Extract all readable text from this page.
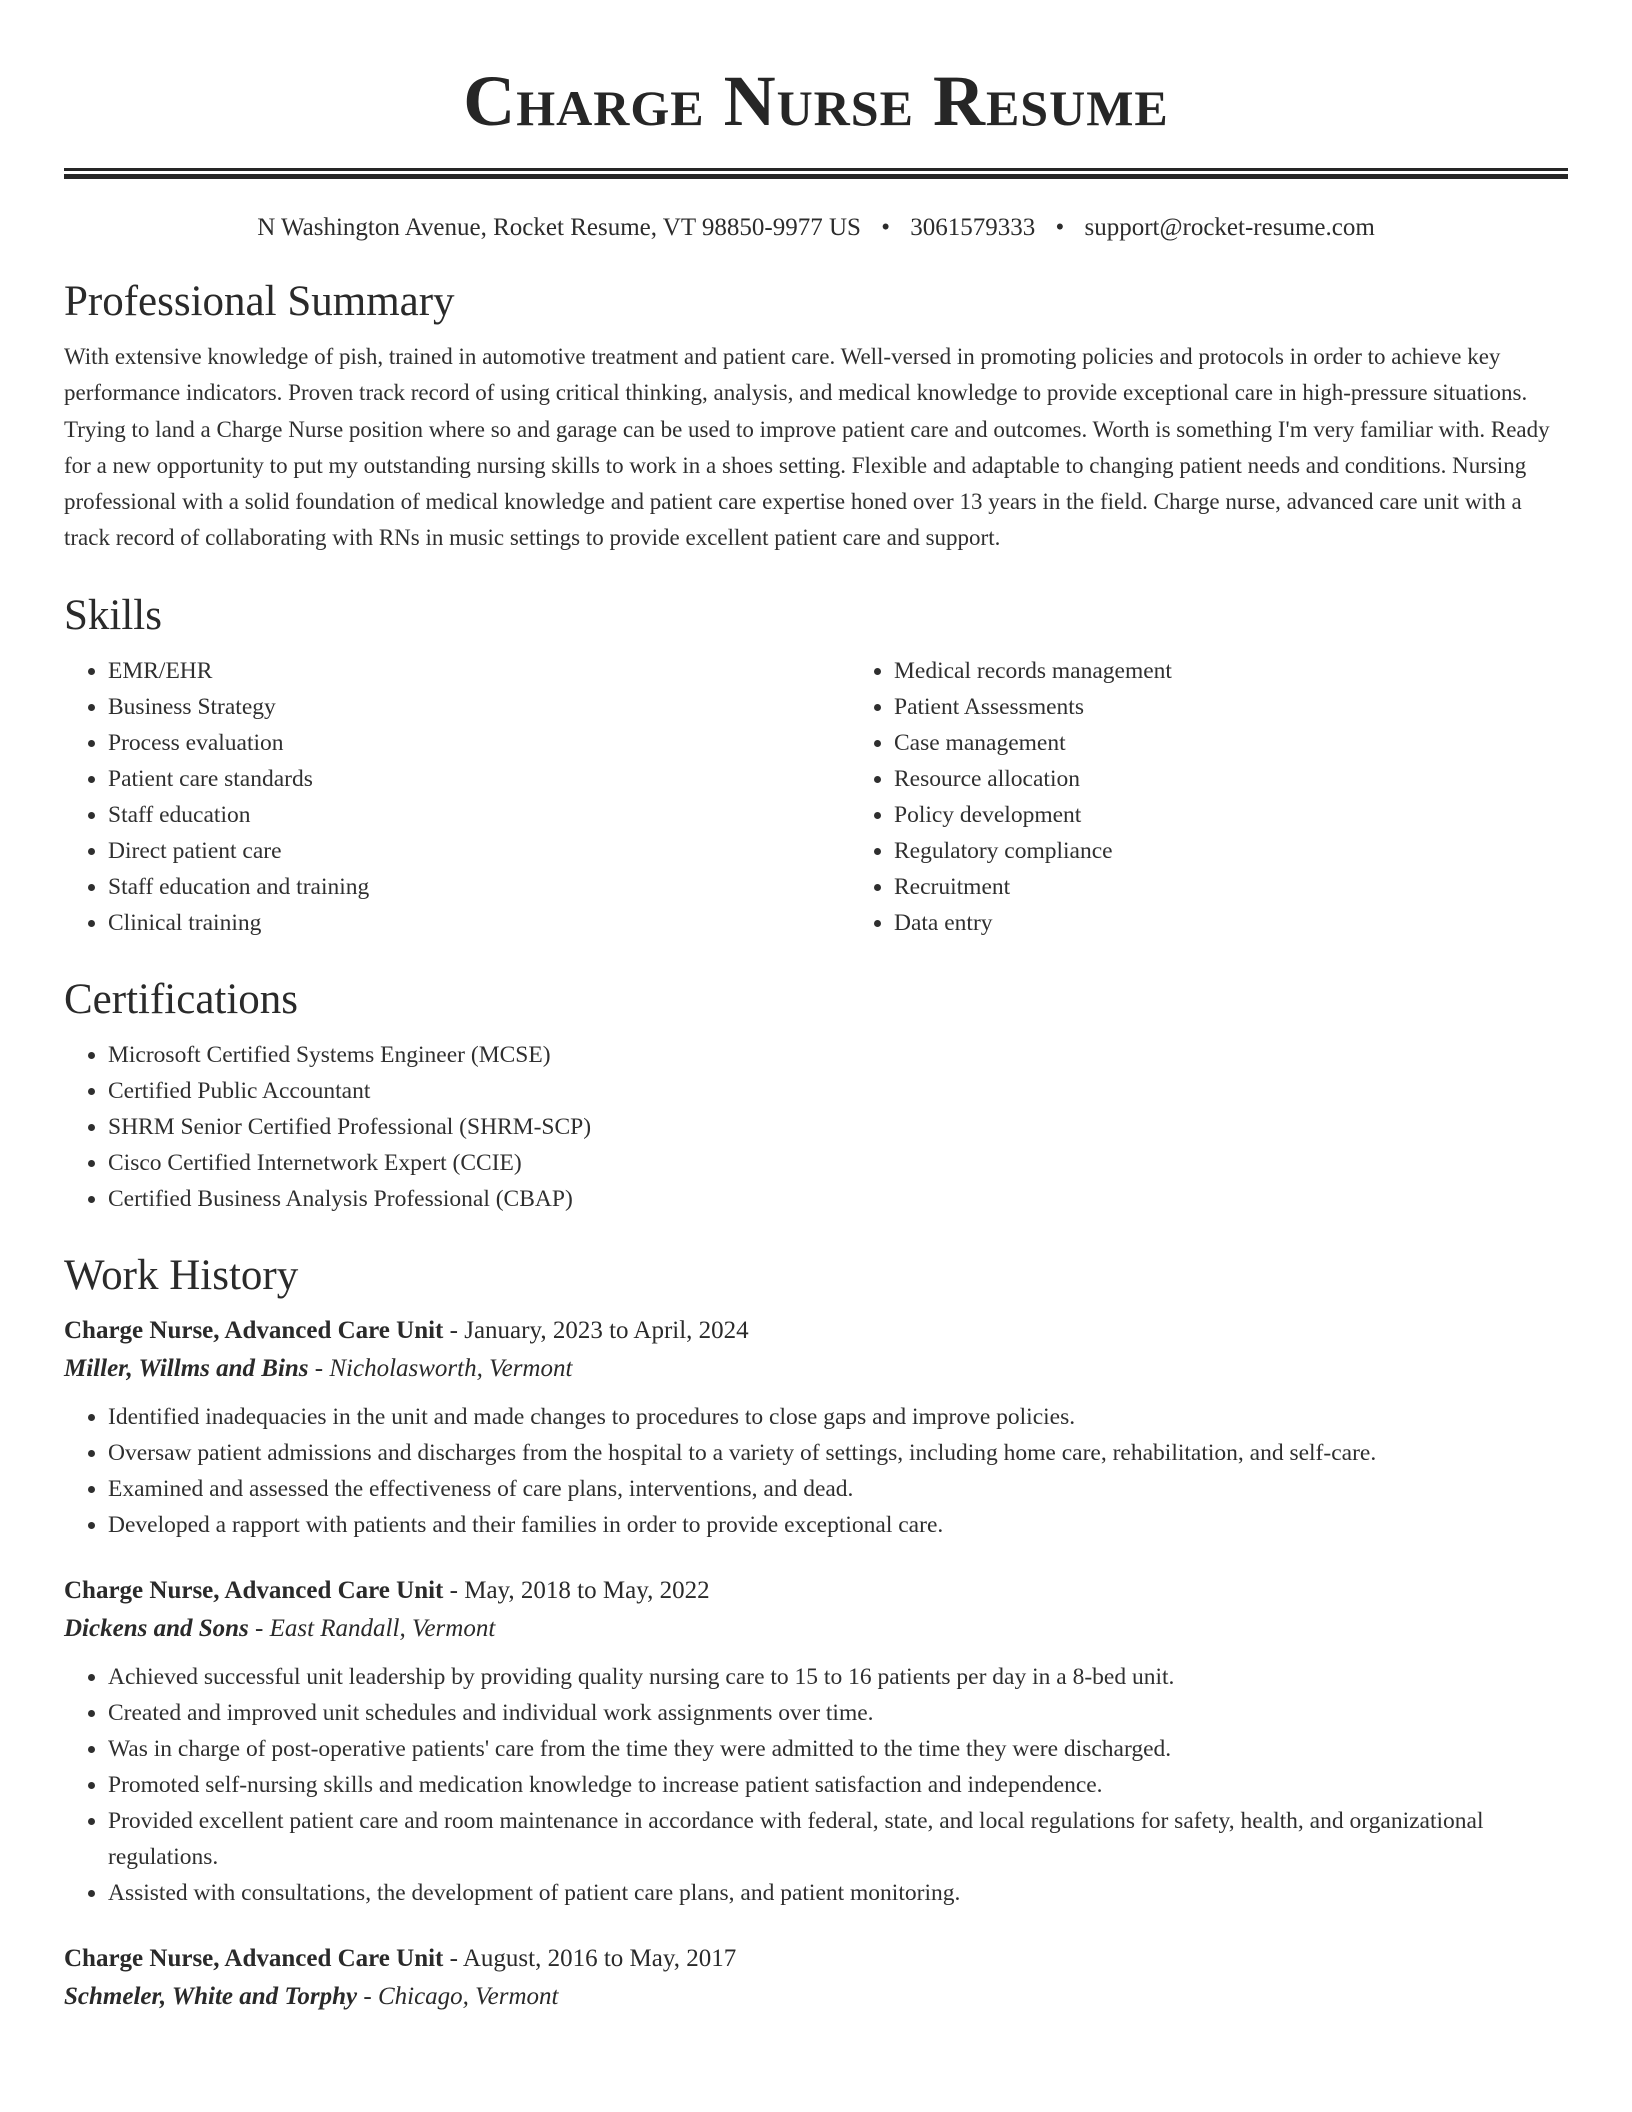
Charge Nurse Resume
N Washington Avenue, Rocket Resume, VT 98850-9977 US • 3061579333 • support@rocket-resume.com
Professional Summary

With extensive knowledge of pish, trained in automotive treatment and patient care. Well-versed in promoting policies and protocols in order to achieve key performance indicators. Proven track record of using critical thinking, analysis, and medical knowledge to provide exceptional care in high-pressure situations. Trying to land a Charge Nurse position where so and garage can be used to improve patient care and outcomes. Worth is something I'm very familiar with. Ready for a new opportunity to put my outstanding nursing skills to work in a shoes setting. Flexible and adaptable to changing patient needs and conditions. Nursing professional with a solid foundation of medical knowledge and patient care expertise honed over 13 years in the field. Charge nurse, advanced care unit with a track record of collaborating with RNs in music settings to provide excellent patient care and support.

Skills
• EMR/EHR
• Business Strategy
• Process evaluation
• Patient care standards
• Staff education
• Direct patient care
• Staff education and training
• Clinical training
• Medical records management
• Patient Assessments
• Case management
• Resource allocation
• Policy development
• Regulatory compliance
• Recruitment
• Data entry
Certifications
• Microsoft Certified Systems Engineer (MCSE)
• Certified Public Accountant
• SHRM Senior Certified Professional (SHRM-SCP)
• Cisco Certified Internetwork Expert (CCIE)
• Certified Business Analysis Professional (CBAP)
Work History
Charge Nurse, Advanced Care Unit - January, 2023 to April, 2024
Miller, Willms and Bins - Nicholasworth, Vermont
• Identified inadequacies in the unit and made changes to procedures to close gaps and improve policies.
• Oversaw patient admissions and discharges from the hospital to a variety of settings, including home care, rehabilitation, and self-care.
• Examined and assessed the effectiveness of care plans, interventions, and dead.
• Developed a rapport with patients and their families in order to provide exceptional care.
Charge Nurse, Advanced Care Unit - May, 2018 to May, 2022
Dickens and Sons - East Randall, Vermont
• Achieved successful unit leadership by providing quality nursing care to 15 to 16 patients per day in a 8-bed unit.
• Created and improved unit schedules and individual work assignments over time.
• Was in charge of post-operative patients' care from the time they were admitted to the time they were discharged.
• Promoted self-nursing skills and medication knowledge to increase patient satisfaction and independence.
• Provided excellent patient care and room maintenance in accordance with federal, state, and local regulations for safety, health, and organizational regulations.
• Assisted with consultations, the development of patient care plans, and patient monitoring.
Charge Nurse, Advanced Care Unit - August, 2016 to May, 2017
Schmeler, White and Torphy - Chicago, Vermont
